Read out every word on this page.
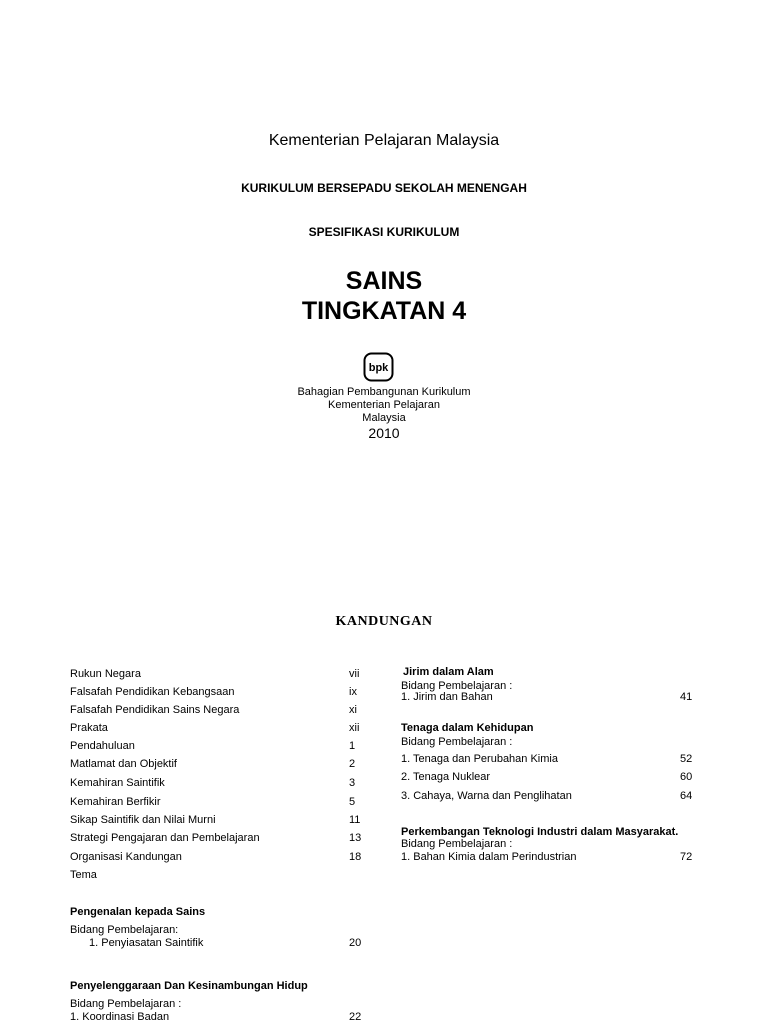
Kementerian Pelajaran Malaysia
KURIKULUM BERSEPADU SEKOLAH MENENGAH
SPESIFIKASI KURIKULUM
SAINS
TINGKATAN 4
bpk
Bahagian Pembangunan Kurikulum
Kementerian Pelajaran
Malaysia
2010
KANDUNGAN
Rukun Negara	vii
Falsafah Pendidikan Kebangsaan	ix
Falsafah Pendidikan Sains Negara	xi
Prakata	xii
Pendahuluan	1
Matlamat dan Objektif	2
Kemahiran Saintifik	3
Kemahiran Berfikir	5
Sikap Saintifik dan Nilai Murni	11
Strategi Pengajaran dan Pembelajaran	13
Organisasi Kandungan	18
Tema
Pengenalan kepada Sains
Bidang Pembelajaran:
1. Penyiasatan Saintifik	20
Penyelenggaraan Dan Kesinambungan Hidup
Bidang Pembelajaran :
1. Koordinasi Badan	22
Jirim dalam Alam
Bidang Pembelajaran :
1. Jirim dan Bahan	41
Tenaga dalam Kehidupan
Bidang Pembelajaran :
1. Tenaga dan Perubahan Kimia	52
2. Tenaga Nuklear	60
3. Cahaya, Warna dan Penglihatan	64
Perkembangan Teknologi Industri dalam Masyarakat.
Bidang Pembelajaran :
1. Bahan Kimia dalam Perindustrian	72
